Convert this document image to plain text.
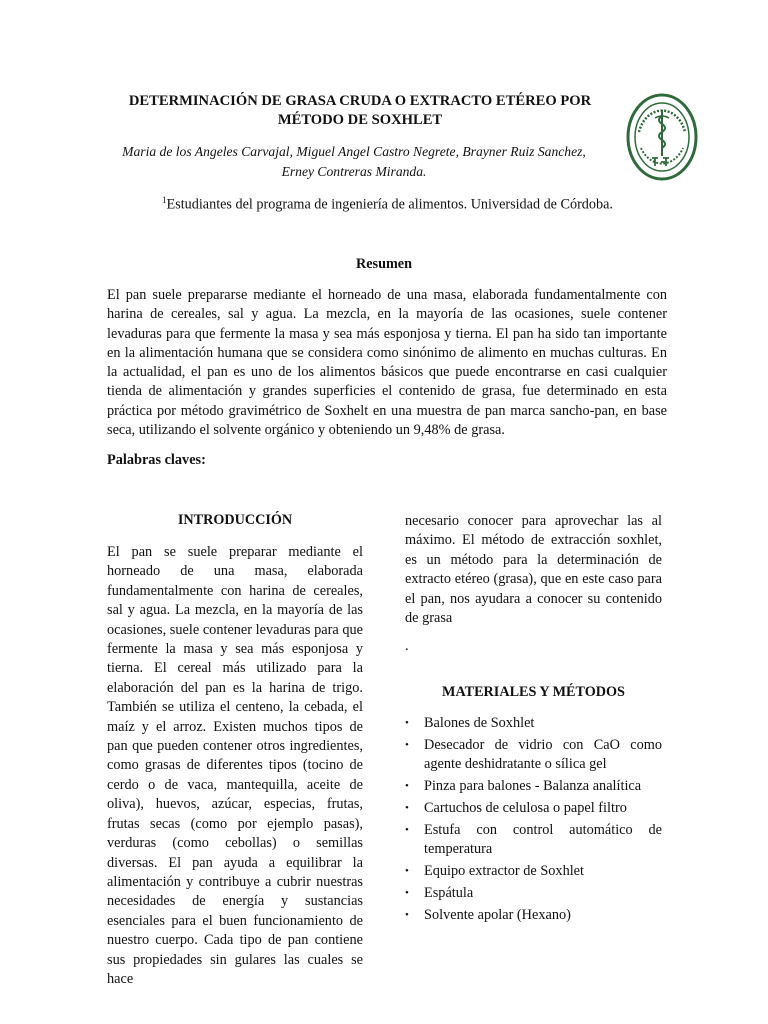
DETERMINACIÓN DE GRASA CRUDA O EXTRACTO ETÉREO POR
MÉTODO DE SOXHLET

Maria de los Angeles Carvajal, Miguel Angel Castro Negrete, Brayner Ruiz Sanchez,
Erney Contreras Miranda.

$^1$Estudiantes del programa de ingeniería de alimentos. Universidad de Córdoba.

Resumen

El pan suele prepararse mediante el horneado de una masa, elaborada fundamentalmente con harina de cereales, sal y agua. La mezcla, en la mayoría de las ocasiones, suele contener levaduras para que fermente la masa y sea más esponjosa y tierna. El pan ha sido tan importante en la alimentación humana que se considera como sinónimo de alimento en muchas culturas. En la actualidad, el pan es uno de los alimentos básicos que puede encontrarse en casi cualquier tienda de alimentación y grandes superficies el contenido de grasa, fue determinado en esta práctica por método gravimétrico de Soxhelt en una muestra de pan marca sancho-pan, en base seca, utilizando el solvente orgánico y obteniendo un 9,48% de grasa.

Palabras claves:

INTRODUCCIÓN

El pan se suele preparar mediante el horneado de una masa, elaborada fundamentalmente con harina de cereales, sal y agua. La mezcla, en la mayoría de las ocasiones, suele contener levaduras para que fermente la masa y sea más esponjosa y tierna. El cereal más utilizado para la elaboración del pan es la harina de trigo. También se utiliza el centeno, la cebada, el maíz y el arroz. Existen muchos tipos de pan que pueden contener otros ingredientes, como grasas de diferentes tipos (tocino de cerdo o de vaca, mantequilla, aceite de oliva), huevos, azúcar, especias, frutas, frutas secas (como por ejemplo pasas), verduras (como cebollas) o semillas diversas. El pan ayuda a equilibrar la alimentación y contribuye a cubrir nuestras necesidades de energía y sustancias esenciales para el buen funcionamiento de nuestro cuerpo. Cada tipo de pan contiene sus propiedades sin gulares las cuales se hace

necesario conocer para aprovechar las al máximo. El método de extracción soxhlet, es un método para la determinación de extracto etéreo (grasa), que en este caso para el pan, nos ayudara a conocer su contenido de grasa

.

MATERIALES Y MÉTODOS
• Balones de Soxhlet
• Desecador de vidrio con CaO como agente deshidratante o sílica gel
• Pinza para balones - Balanza analítica
• Cartuchos de celulosa o papel filtro
• Estufa con control automático de temperatura
• Equipo extractor de Soxhlet
• Espátula
• Solvente apolar (Hexano)
